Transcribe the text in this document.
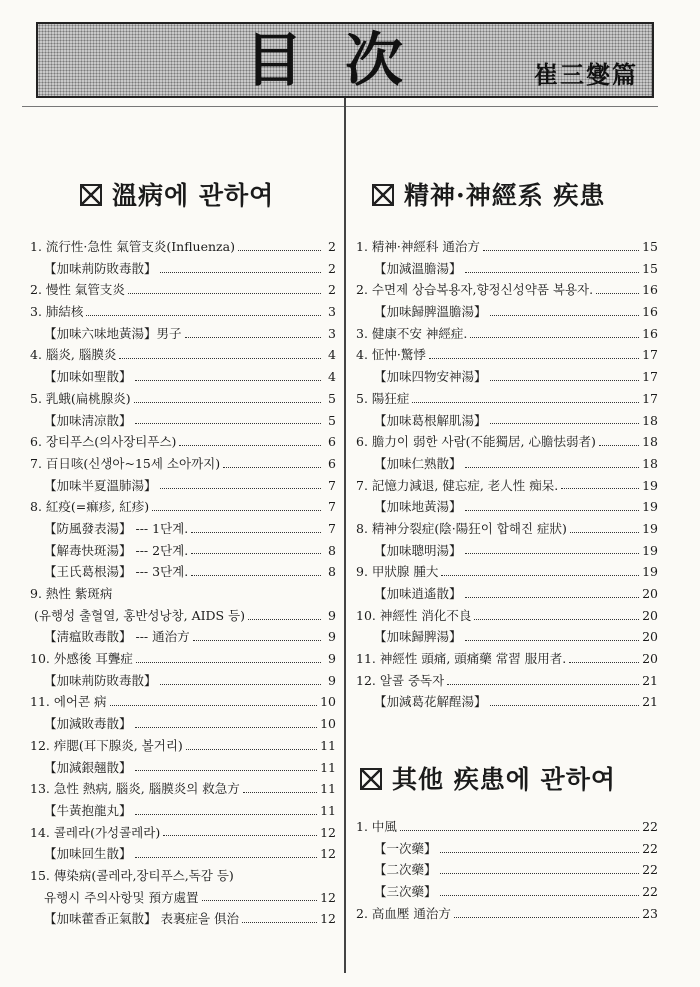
目次	崔三燮篇
溫病에 관하여	精神·神經系 疾患
其他 疾患에 관하여
1. 流行性·急性 氣管支炎(Influenza)	2
【加味荊防敗毒散】	2
2. 慢性 氣管支炎	2
3. 肺結核	3
【加味六味地黃湯】男子	3
4. 腦炎, 腦膜炎	4
【加味如聖散】	4
5. 乳蛾(扁桃腺炎)	5
【加味淸凉散】	5
6. 장티푸스(의사장티푸스)	6
7. 百日咳(신생아~15세 소아까지)	6
【加味半夏溫肺湯】	7
8. 紅疫(=痲疹, 紅疹)	7
【防風發表湯】 --- 1단계.	7
【解毒快斑湯】 --- 2단계.	8
【王氏葛根湯】 --- 3단계.	8
9. 熱性 紫斑病
(유행성 출혈열, 홍반성낭창, AIDS 등)	9
【淸瘟敗毒散】 --- 通治方	9
10. 外感後 耳聾症	9
【加味荊防敗毒散】	9
11. 에어콘 病	10
【加減敗毒散】	10
12. 痄腮(耳下腺炎, 볼거리)	11
【加減銀翹散】	11
13. 急性 熱病, 腦炎, 腦膜炎의 救急方	11
【牛黃抱龍丸】	11
14. 콜레라(가성콜레라)	12
【加味回生散】	12
15. 傳染病(콜레라,장티푸스,독감 등)
유행시 주의사항및 預方處置	12
【加味藿香正氣散】 表裏症을 俱治	12
1. 精神·神經科 通治方	15
【加減溫膽湯】	15
2. 수면제 상습복용자,향정신성약품 복용자.	16
【加味歸脾溫膽湯】	16
3. 健康不安 神經症.	16
4. 怔忡·驚悸	17
【加味四物安神湯】	17
5. 陽狂症	17
【加味葛根解肌湯】	18
6. 膽力이 弱한 사람(不能獨居, 心膽怯弱者)	18
【加味仁熟散】	18
7. 記憶力減退, 健忘症, 老人性 痴呆.	19
【加味地黃湯】	19
8. 精神分裂症(陰·陽狂이 합해진 症狀)	19
【加味聰明湯】	19
9. 甲狀腺 腫大	19
【加味逍遙散】	20
10. 神經性 消化不良	20
【加味歸脾湯】	20
11. 神經性 頭痛, 頭痛藥 常習 服用者.	20
12. 알콜 중독자	21
【加減葛花解酲湯】	21
1. 中風	22
【一次藥】	22
【二次藥】	22
【三次藥】	22
2. 高血壓 通治方	23
